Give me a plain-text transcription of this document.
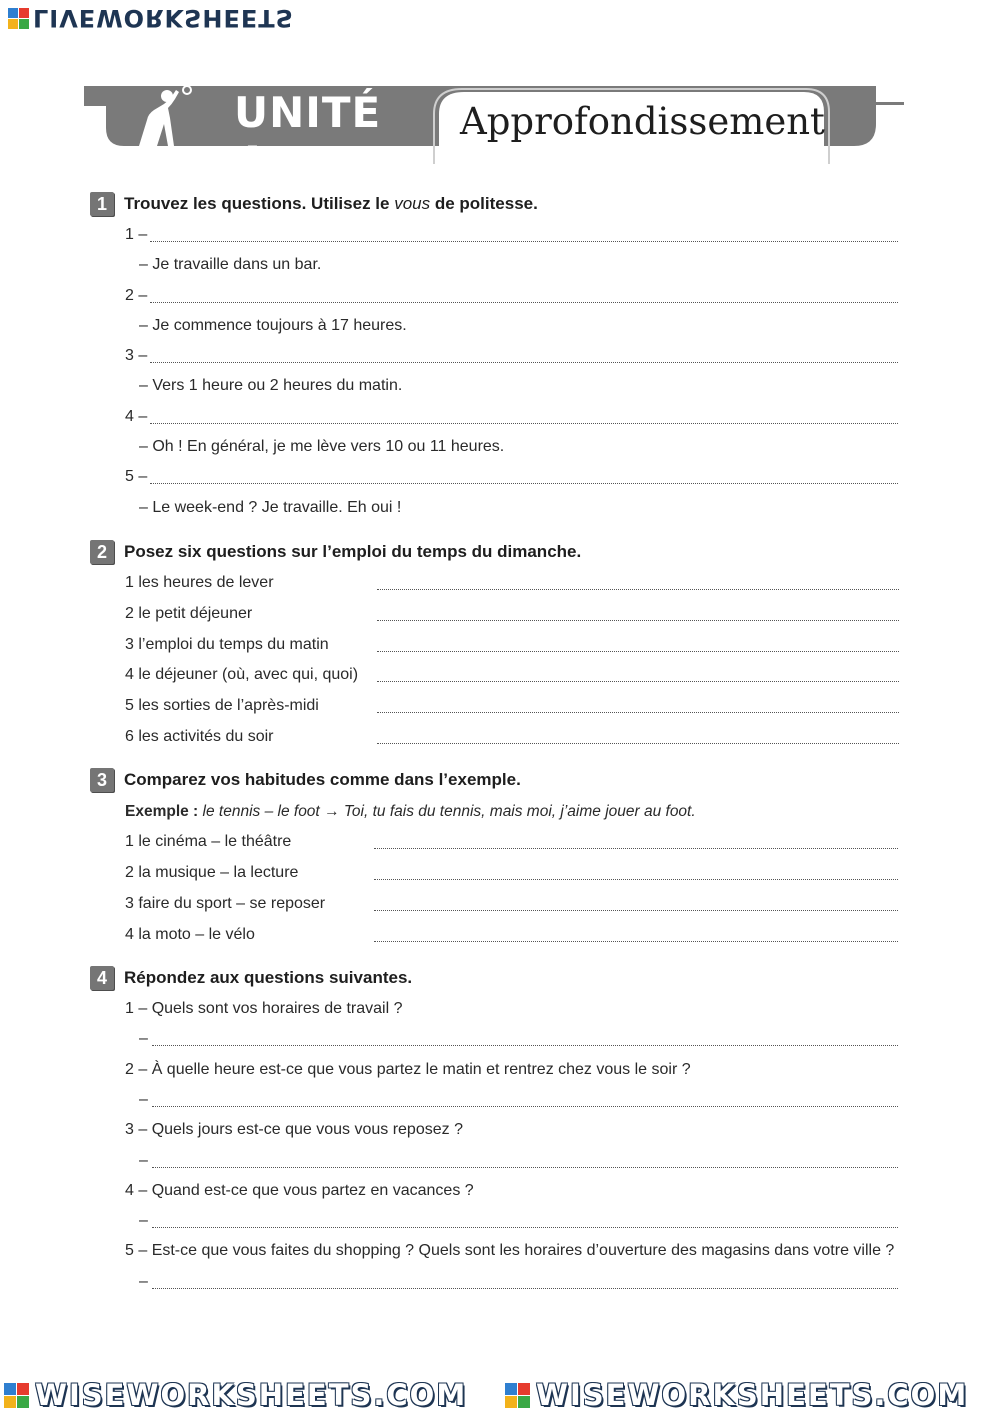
LIVEWORKSHEETS
UNITÉ 4
Approfondissement
1	Trouvez les questions. Utilisez le vous de politesse.
1 –
– Je travaille dans un bar.
2 –
– Je commence toujours à 17 heures.
3 –
– Vers 1 heure ou 2 heures du matin.
4 –
– Oh ! En général, je me lève vers 10 ou 11 heures.
5 –
– Le week-end ? Je travaille. Eh oui !
2	Posez six questions sur l’emploi du temps du dimanche.
1 les heures de lever
2 le petit déjeuner
3 l’emploi du temps du matin
4 le déjeuner (où, avec qui, quoi)
5 les sorties de l’après-midi
6 les activités du soir
3	Comparez vos habitudes comme dans l’exemple.
Exemple : le tennis – le foot → Toi, tu fais du tennis, mais moi, j’aime jouer au foot.
1 le cinéma – le théâtre
2 la musique – la lecture
3 faire du sport – se reposer
4 la moto – le vélo
4	Répondez aux questions suivantes.
1 – Quels sont vos horaires de travail ?
–
2 – À quelle heure est-ce que vous partez le matin et rentrez chez vous le soir ?
–
3 – Quels jours est-ce que vous vous reposez ?
–
4 – Quand est-ce que vous partez en vacances ?
–
5 – Est-ce que vous faites du shopping ? Quels sont les horaires d’ouverture des magasins dans votre ville ?
–
WISEWORKSHEETS.COM WISEWORKSHEETS.COM
